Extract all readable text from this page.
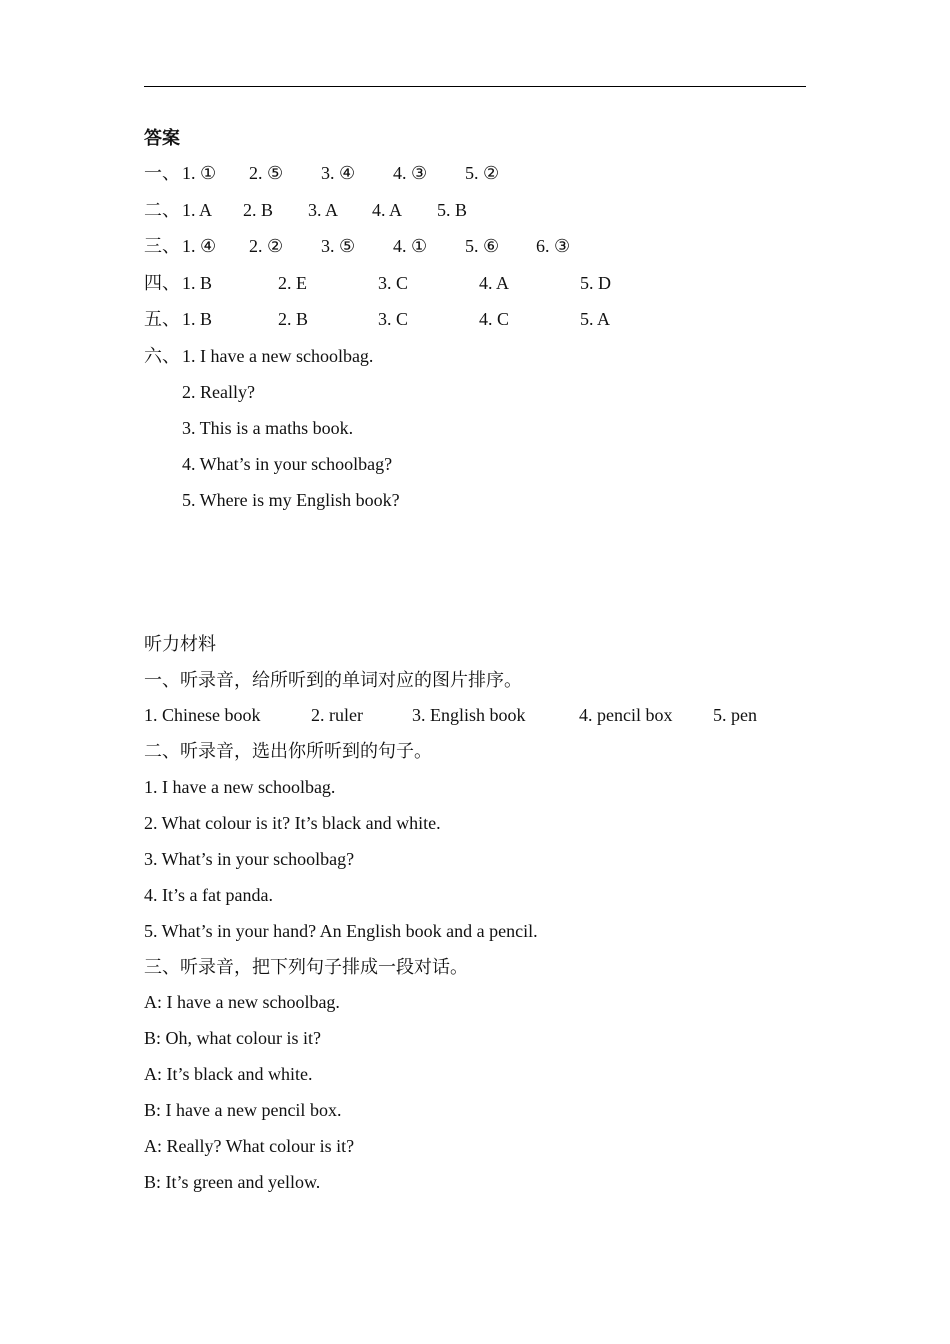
答案
一、 1. ① 2. ⑤ 3. ④ 4. ③ 5. ②
二、 1. A 2. B 3. A 4. A 5. B
三、 1. ④ 2. ② 3. ⑤ 4. ① 5. ⑥ 6. ③
四、 1. B	2. E	3. C	4. A	5. D
五、 1. B	2. B	3. C	4. C	5. A
六、 1. I have a new schoolbag.
2. Really?
3. This is a maths book.
4. What’s in your schoolbag?
5. Where is my English book?
听力材料
一、听录音，给所听到的单词对应的图片排序。
1. Chinese book	2. ruler	3. English book	4. pencil box 5. pen
二、听录音，选出你所听到的句子。
1. I have a new schoolbag.
2. What colour is it? It’s black and white.
3. What’s in your schoolbag?
4. It’s a fat panda.
5. What’s in your hand? An English book and a pencil.
三、听录音，把下列句子排成一段对话。
A: I have a new schoolbag.
B: Oh, what colour is it?
A: It’s black and white.
B: I have a new pencil box.
A: Really? What colour is it?
B: It’s green and yellow.
